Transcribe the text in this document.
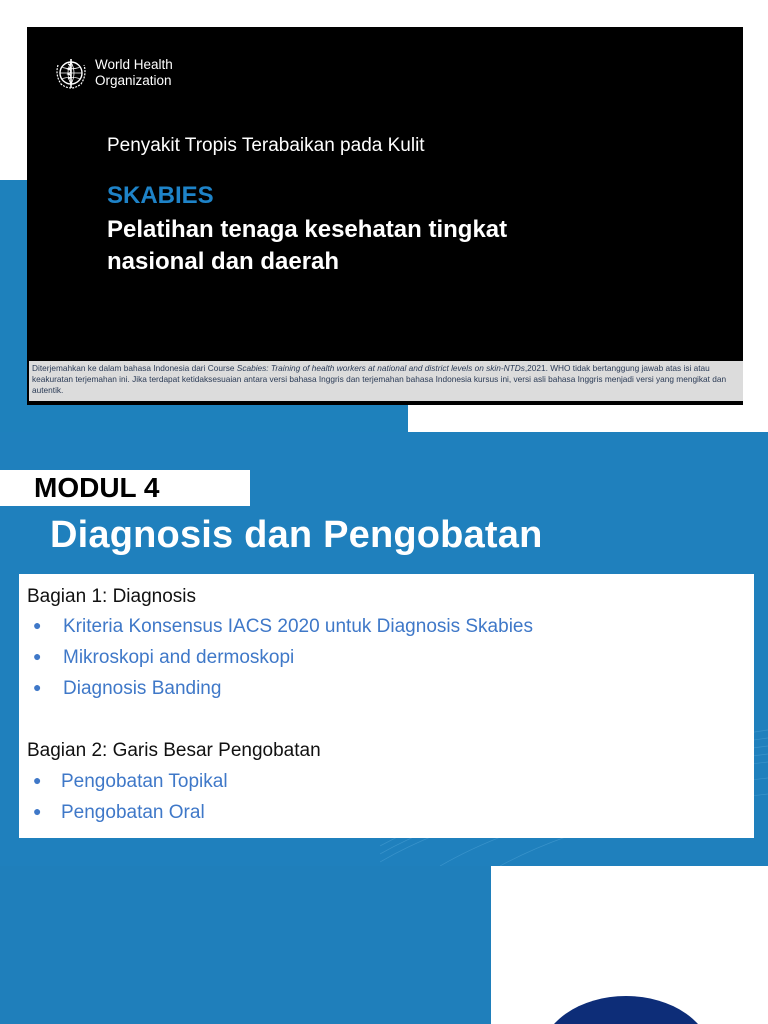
World Health
Organization
Penyakit Tropis Terabaikan pada Kulit
SKABIES
Pelatihan tenaga kesehatan tingkat
nasional dan daerah
Diterjemahkan ke dalam bahasa Indonesia dari Course Scabies: Training of health workers at national and district levels on skin-NTDs,2021. WHO tidak bertanggung jawab atas isi atau keakuratan terjemahan ini. Jika terdapat ketidaksesuaian antara versi bahasa Inggris dan terjemahan bahasa Indonesia kursus ini, versi asli bahasa Inggris menjadi versi yang mengikat dan autentik.
MODUL 4
Diagnosis dan Pengobatan
Bagian 1: Diagnosis
● Kriteria Konsensus IACS 2020 untuk Diagnosis Skabies
● Mikroskopi and dermoskopi
● Diagnosis Banding
Bagian 2: Garis Besar Pengobatan
● Pengobatan Topikal
● Pengobatan Oral
